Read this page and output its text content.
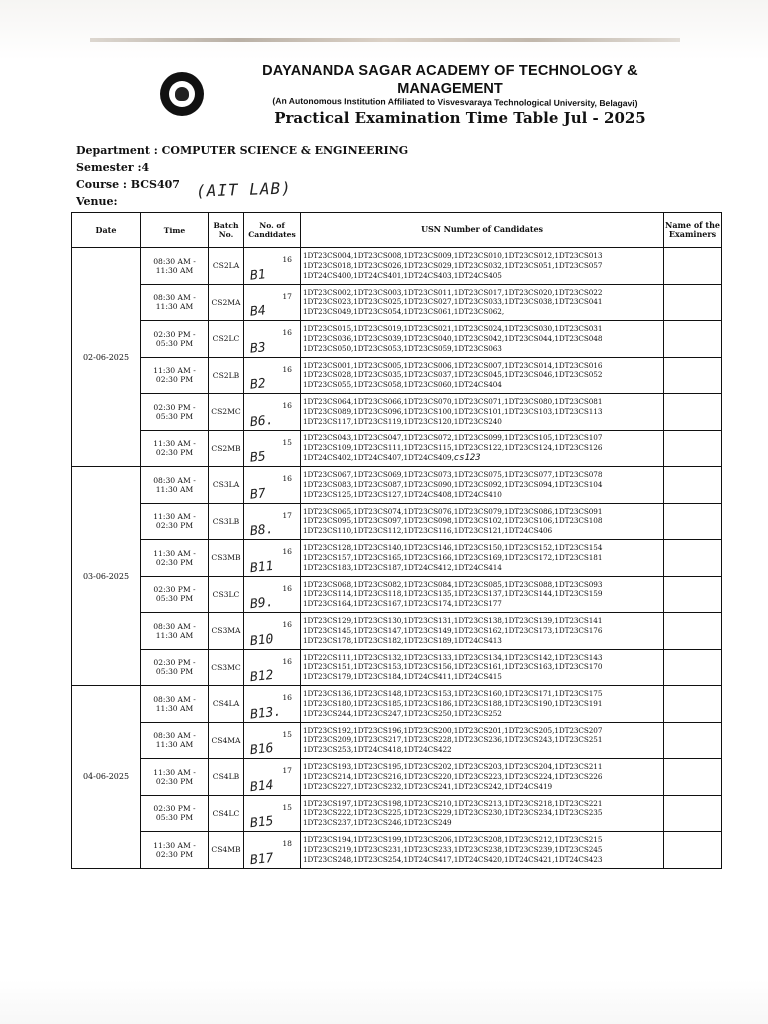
DAYANANDA SAGAR ACADEMY OF TECHNOLOGY &
MANAGEMENT
(An Autonomous Institution Affiliated to Visvesvaraya Technological University, Belagavi)
Practical Examination Time Table Jul - 2025
Department : COMPUTER SCIENCE & ENGINEERING
Semester :4
Course : BCS407 (AIT LAB)
Venue:
Date	Time	Batch No.	No. of Candidates	USN Number of Candidates	Name of the Examiners
02-06-2025	08:30 AM -
11:30 AM	CS2LA	16
B1	1DT23CS004,1DT23CS008,1DT23CS009,1DT23CS010,1DT23CS012,1DT23CS013
1DT23CS018,1DT23CS026,1DT23CS029,1DT23CS032,1DT23CS051,1DT23CS057
1DT24CS400,1DT24CS401,1DT24CS403,1DT24CS405	
	08:30 AM -
11:30 AM	CS2MA	17
B4	1DT23CS002,1DT23CS003,1DT23CS011,1DT23CS017,1DT23CS020,1DT23CS022
1DT23CS023,1DT23CS025,1DT23CS027,1DT23CS033,1DT23CS038,1DT23CS041
1DT23CS049,1DT23CS054,1DT23CS061,1DT23CS062,	
	02:30 PM -
05:30 PM	CS2LC	16
B3	1DT23CS015,1DT23CS019,1DT23CS021,1DT23CS024,1DT23CS030,1DT23CS031
1DT23CS036,1DT23CS039,1DT23CS040,1DT23CS042,1DT23CS044,1DT23CS048
1DT23CS050,1DT23CS053,1DT23CS059,1DT23CS063	
	11:30 AM -
02:30 PM	CS2LB	16
B2	1DT23CS001,1DT23CS005,1DT23CS006,1DT23CS007,1DT23CS014,1DT23CS016
1DT23CS028,1DT23CS035,1DT23CS037,1DT23CS045,1DT23CS046,1DT23CS052
1DT23CS055,1DT23CS058,1DT23CS060,1DT24CS404	
	02:30 PM -
05:30 PM	CS2MC	16
B6.	1DT23CS064,1DT23CS066,1DT23CS070,1DT23CS071,1DT23CS080,1DT23CS081
1DT23CS089,1DT23CS096,1DT23CS100,1DT23CS101,1DT23CS103,1DT23CS113
1DT23CS117,1DT23CS119,1DT23CS120,1DT23CS240	
	11:30 AM -
02:30 PM	CS2MB	15
B5	1DT23CS043,1DT23CS047,1DT23CS072,1DT23CS099,1DT23CS105,1DT23CS107
1DT23CS109,1DT23CS111,1DT23CS115,1DT23CS122,1DT23CS124,1DT23CS126
1DT24CS402,1DT24CS407,1DT24CS409,cs123	
03-06-2025	08:30 AM -
11:30 AM	CS3LA	16
B7	1DT23CS067,1DT23CS069,1DT23CS073,1DT23CS075,1DT23CS077,1DT23CS078
1DT23CS083,1DT23CS087,1DT23CS090,1DT23CS092,1DT23CS094,1DT23CS104
1DT23CS125,1DT23CS127,1DT24CS408,1DT24CS410	
	11:30 AM -
02:30 PM	CS3LB	17
B8.	1DT23CS065,1DT23CS074,1DT23CS076,1DT23CS079,1DT23CS086,1DT23CS091
1DT23CS095,1DT23CS097,1DT23CS098,1DT23CS102,1DT23CS106,1DT23CS108
1DT23CS110,1DT23CS112,1DT23CS116,1DT23CS121,1DT24CS406	
	11:30 AM -
02:30 PM	CS3MB	16
B11	1DT23CS128,1DT23CS140,1DT23CS146,1DT23CS150,1DT23CS152,1DT23CS154
1DT23CS157,1DT23CS165,1DT23CS166,1DT23CS169,1DT23CS172,1DT23CS181
1DT23CS183,1DT23CS187,1DT24CS412,1DT24CS414	
	02:30 PM -
05:30 PM	CS3LC	16
B9.	1DT23CS068,1DT23CS082,1DT23CS084,1DT23CS085,1DT23CS088,1DT23CS093
1DT23CS114,1DT23CS118,1DT23CS135,1DT23CS137,1DT23CS144,1DT23CS159
1DT23CS164,1DT23CS167,1DT23CS174,1DT23CS177	
	08:30 AM -
11:30 AM	CS3MA	16
B10	1DT23CS129,1DT23CS130,1DT23CS131,1DT23CS138,1DT23CS139,1DT23CS141
1DT23CS145,1DT23CS147,1DT23CS149,1DT23CS162,1DT23CS173,1DT23CS176
1DT23CS178,1DT23CS182,1DT23CS189,1DT24CS413	
	02:30 PM -
05:30 PM	CS3MC	16
B12	1DT22CS111,1DT23CS132,1DT23CS133,1DT23CS134,1DT23CS142,1DT23CS143
1DT23CS151,1DT23CS153,1DT23CS156,1DT23CS161,1DT23CS163,1DT23CS170
1DT23CS179,1DT23CS184,1DT24CS411,1DT24CS415	
04-06-2025	08:30 AM -
11:30 AM	CS4LA	16
B13.	1DT23CS136,1DT23CS148,1DT23CS153,1DT23CS160,1DT23CS171,1DT23CS175
1DT23CS180,1DT23CS185,1DT23CS186,1DT23CS188,1DT23CS190,1DT23CS191
1DT23CS244,1DT23CS247,1DT23CS250,1DT23CS252	
	08:30 AM -
11:30 AM	CS4MA	15
B16	1DT23CS192,1DT23CS196,1DT23CS200,1DT23CS201,1DT23CS205,1DT23CS207
1DT23CS209,1DT23CS217,1DT23CS228,1DT23CS236,1DT23CS243,1DT23CS251
1DT23CS253,1DT24CS418,1DT24CS422	
	11:30 AM -
02:30 PM	CS4LB	17
B14	1DT23CS193,1DT23CS195,1DT23CS202,1DT23CS203,1DT23CS204,1DT23CS211
1DT23CS214,1DT23CS216,1DT23CS220,1DT23CS223,1DT23CS224,1DT23CS226
1DT23CS227,1DT23CS232,1DT23CS241,1DT23CS242,1DT24CS419	
	02:30 PM -
05:30 PM	CS4LC	15
B15	1DT23CS197,1DT23CS198,1DT23CS210,1DT23CS213,1DT23CS218,1DT23CS221
1DT23CS222,1DT23CS225,1DT23CS229,1DT23CS230,1DT23CS234,1DT23CS235
1DT23CS237,1DT23CS246,1DT23CS249	
	11:30 AM -
02:30 PM	CS4MB	18
B17	1DT23CS194,1DT23CS199,1DT23CS206,1DT23CS208,1DT23CS212,1DT23CS215
1DT23CS219,1DT23CS231,1DT23CS233,1DT23CS238,1DT23CS239,1DT23CS245
1DT23CS248,1DT23CS254,1DT24CS417,1DT24CS420,1DT24CS421,1DT24CS423	
